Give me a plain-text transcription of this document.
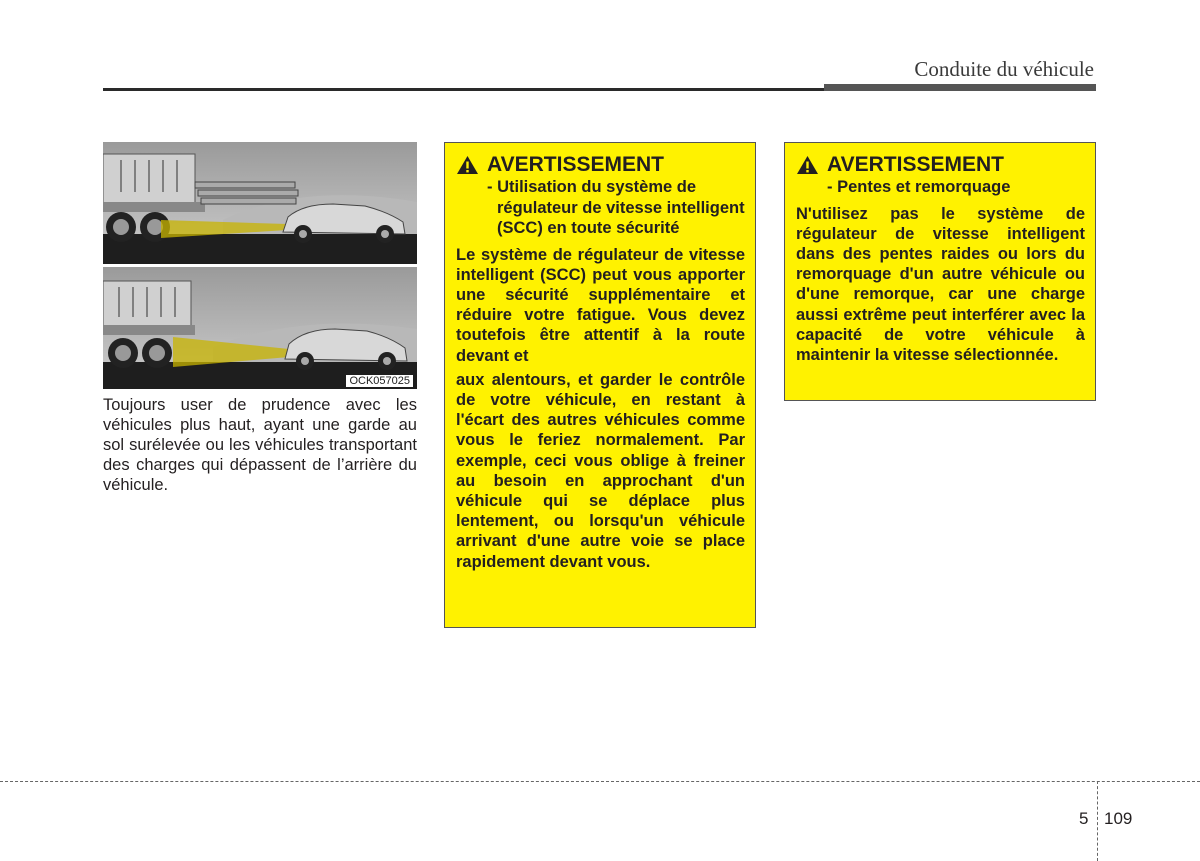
Conduite du véhicule
OCK057025
Toujours user de prudence avec les véhicules plus haut, ayant une garde au sol surélevée ou les véhicules transportant des charges qui dépassent de l’arrière du véhicule.
AVERTISSEMENT
- Utilisation du système de régulateur de vitesse intelligent (SCC) en toute sécurité
Le système de régulateur de vitesse intelligent (SCC) peut vous apporter une sécurité supplémentaire et réduire votre fatigue. Vous devez toutefois être attentif à la route devant et
aux alentours, et garder le contrôle de votre véhicule, en restant à l'écart des autres véhicules comme vous le feriez normalement. Par exemple, ceci vous oblige à freiner au besoin en approchant d'un véhicule qui se déplace plus lentement, ou lorsqu'un véhicule arrivant d'une autre voie se place rapidement devant vous.
AVERTISSEMENT
- Pentes et remorquage
N'utilisez pas le système de régulateur de vitesse intelligent dans des pentes raides ou lors du remorquage d'un autre véhicule ou d'une remorque, car une charge aussi extrême peut interférer avec la capacité de votre véhicule à maintenir la vitesse sélectionnée.
5 109
